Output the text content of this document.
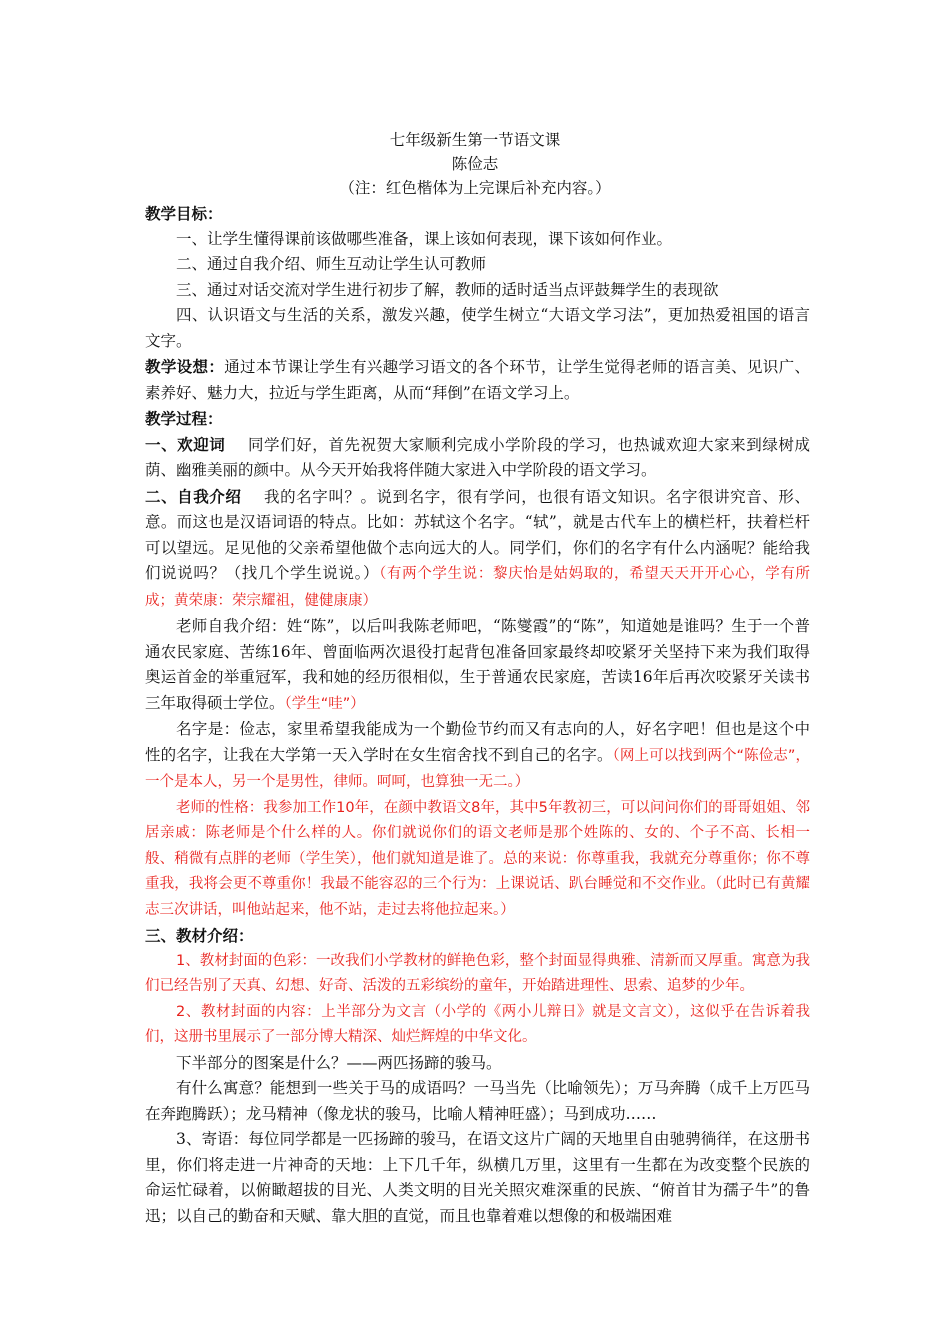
七年级新生第一节语文课
陈俭志
（注：红色楷体为上完课后补充内容。）

教学目标：

一、让学生懂得课前该做哪些准备，课上该如何表现，课下该如何作业。

二、通过自我介绍、师生互动让学生认可教师

三、通过对话交流对学生进行初步了解，教师的适时适当点评鼓舞学生的表现欲

四、认识语文与生活的关系，激发兴趣，使学生树立“大语文学习法”，更加热爱祖国的语言文字。

教学设想：通过本节课让学生有兴趣学习语文的各个环节，让学生觉得老师的语言美、见识广、素养好、魅力大，拉近与学生距离，从而“拜倒”在语文学习上。

教学过程：

一、欢迎词 同学们好，首先祝贺大家顺利完成小学阶段的学习，也热诚欢迎大家来到绿树成荫、幽雅美丽的颜中。从今天开始我将伴随大家进入中学阶段的语文学习。

二、自我介绍 我的名字叫？。说到名字，很有学问，也很有语文知识。名字很讲究音、形、意。而这也是汉语词语的特点。比如：苏轼这个名字。“轼”，就是古代车上的横栏杆，扶着栏杆可以望远。足见他的父亲希望他做个志向远大的人。同学们，你们的名字有什么内涵呢？能给我们说说吗？（找几个学生说说。）（有两个学生说：黎庆怡是姑妈取的，希望天天开开心心，学有所成；黄荣康：荣宗耀祖，健健康康）

老师自我介绍：姓“陈”，以后叫我陈老师吧，“陈燮霞”的“陈”，知道她是谁吗？生于一个普通农民家庭、苦练16年、曾面临两次退役打起背包准备回家最终却咬紧牙关坚持下来为我们取得奥运首金的举重冠军，我和她的经历很相似，生于普通农民家庭，苦读16年后再次咬紧牙关读书三年取得硕士学位。（学生“哇”）

名字是：俭志，家里希望我能成为一个勤俭节约而又有志向的人，好名字吧！但也是这个中性的名字，让我在大学第一天入学时在女生宿舍找不到自己的名字。（网上可以找到两个“陈俭志”，一个是本人，另一个是男性，律师。呵呵，也算独一无二。）

老师的性格：我参加工作10年，在颜中教语文8年，其中5年教初三，可以问问你们的哥哥姐姐、邻居亲戚：陈老师是个什么样的人。你们就说你们的语文老师是那个姓陈的、女的、个子不高、长相一般、稍微有点胖的老师（学生笑），他们就知道是谁了。总的来说：你尊重我，我就充分尊重你；你不尊重我，我将会更不尊重你！我最不能容忍的三个行为：上课说话、趴台睡觉和不交作业。（此时已有黄耀志三次讲话，叫他站起来，他不站，走过去将他拉起来。）

三、教材介绍：

1、教材封面的色彩：一改我们小学教材的鲜艳色彩，整个封面显得典雅、清新而又厚重。寓意为我们已经告别了天真、幻想、好奇、活泼的五彩缤纷的童年，开始踏进理性、思索、追梦的少年。

2、教材封面的内容：上半部分为文言（小学的《两小儿辩日》就是文言文），这似乎在告诉着我们，这册书里展示了一部分博大精深、灿烂辉煌的中华文化。

下半部分的图案是什么？——两匹扬蹄的骏马。

有什么寓意？能想到一些关于马的成语吗？一马当先（比喻领先）；万马奔腾（成千上万匹马在奔跑腾跃）；龙马精神（像龙状的骏马，比喻人精神旺盛）；马到成功……

3、寄语：每位同学都是一匹扬蹄的骏马，在语文这片广阔的天地里自由驰骋徜徉，在这册书里，你们将走进一片神奇的天地：上下几千年，纵横几万里，这里有一生都在为改变整个民族的命运忙碌着，以俯瞰超拔的目光、人类文明的目光关照灾难深重的民族、“俯首甘为孺子牛”的鲁迅；以自己的勤奋和天赋、靠大胆的直觉，而且也靠着难以想像的和极端困难
